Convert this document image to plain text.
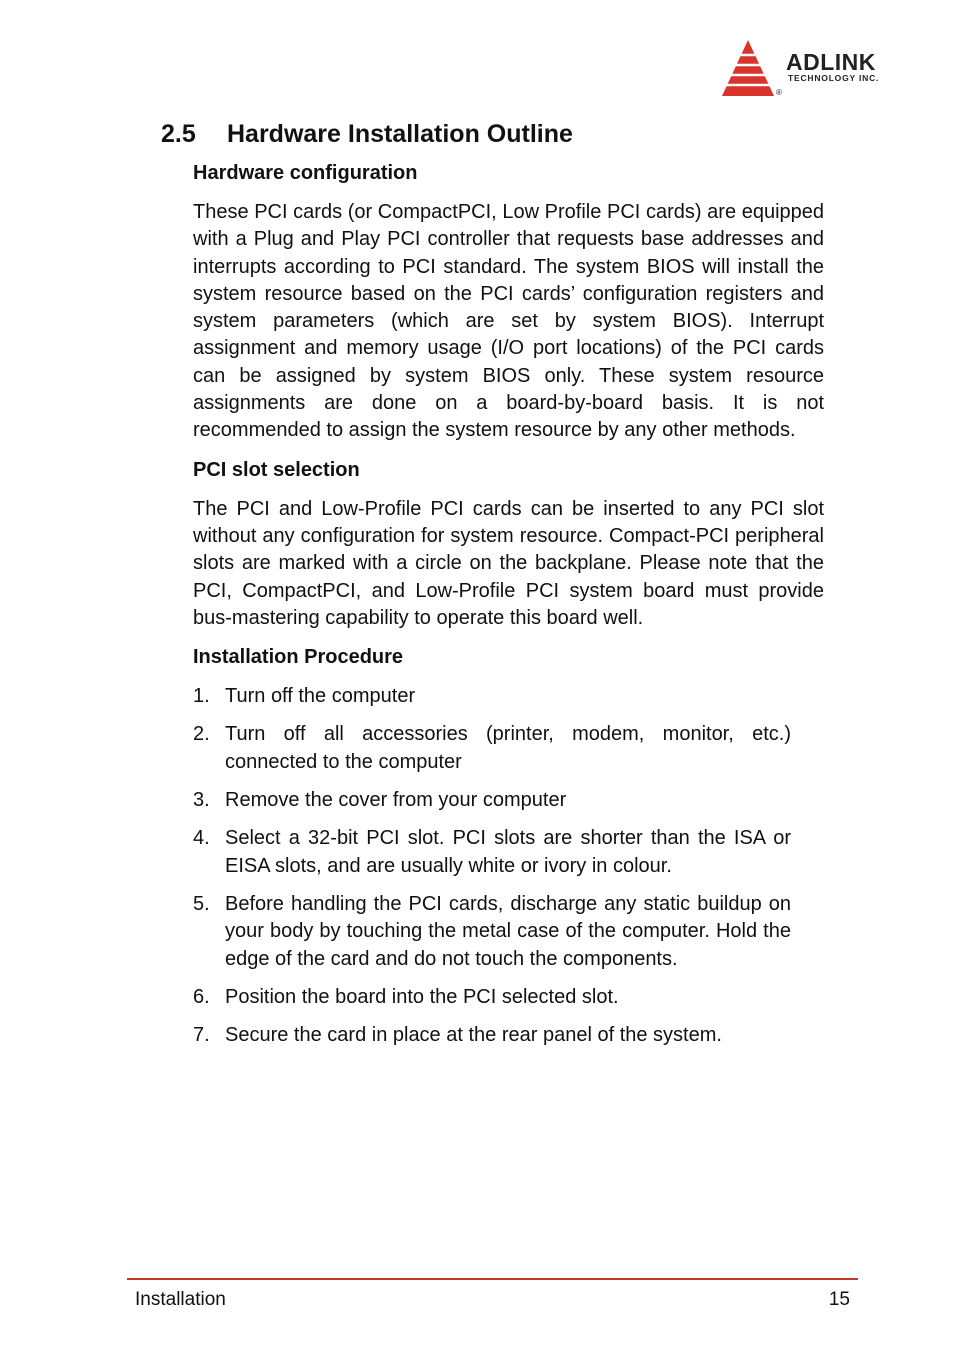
ADLINK
TECHNOLOGY INC.
®
2.5 Hardware Installation Outline
Hardware configuration

These PCI cards (or CompactPCI, Low Profile PCI cards) are equipped with a Plug and Play PCI controller that requests base addresses and interrupts according to PCI standard. The system BIOS will install the system resource based on the PCI cards’ configuration registers and system parameters (which are set by system BIOS). Interrupt assignment and memory usage (I/O port locations) of the PCI cards can be assigned by system BIOS only. These system resource assignments are done on a board-by-board basis. It is not recommended to assign the system resource by any other methods.

PCI slot selection

The PCI and Low-Profile PCI cards can be inserted to any PCI slot without any configuration for system resource. Compact-PCI peripheral slots are marked with a circle on the backplane. Please note that the PCI, CompactPCI, and Low-Profile PCI system board must provide bus-mastering capability to operate this board well.

Installation Procedure
1. Turn off the computer
2. Turn off all accessories (printer, modem, monitor, etc.) connected to the computer
3. Remove the cover from your computer
4. Select a 32-bit PCI slot. PCI slots are shorter than the ISA or EISA slots, and are usually white or ivory in colour.
5. Before handling the PCI cards, discharge any static buildup on your body by touching the metal case of the computer. Hold the edge of the card and do not touch the components.
6. Position the board into the PCI selected slot.
7. Secure the card in place at the rear panel of the system.
Installation	15
